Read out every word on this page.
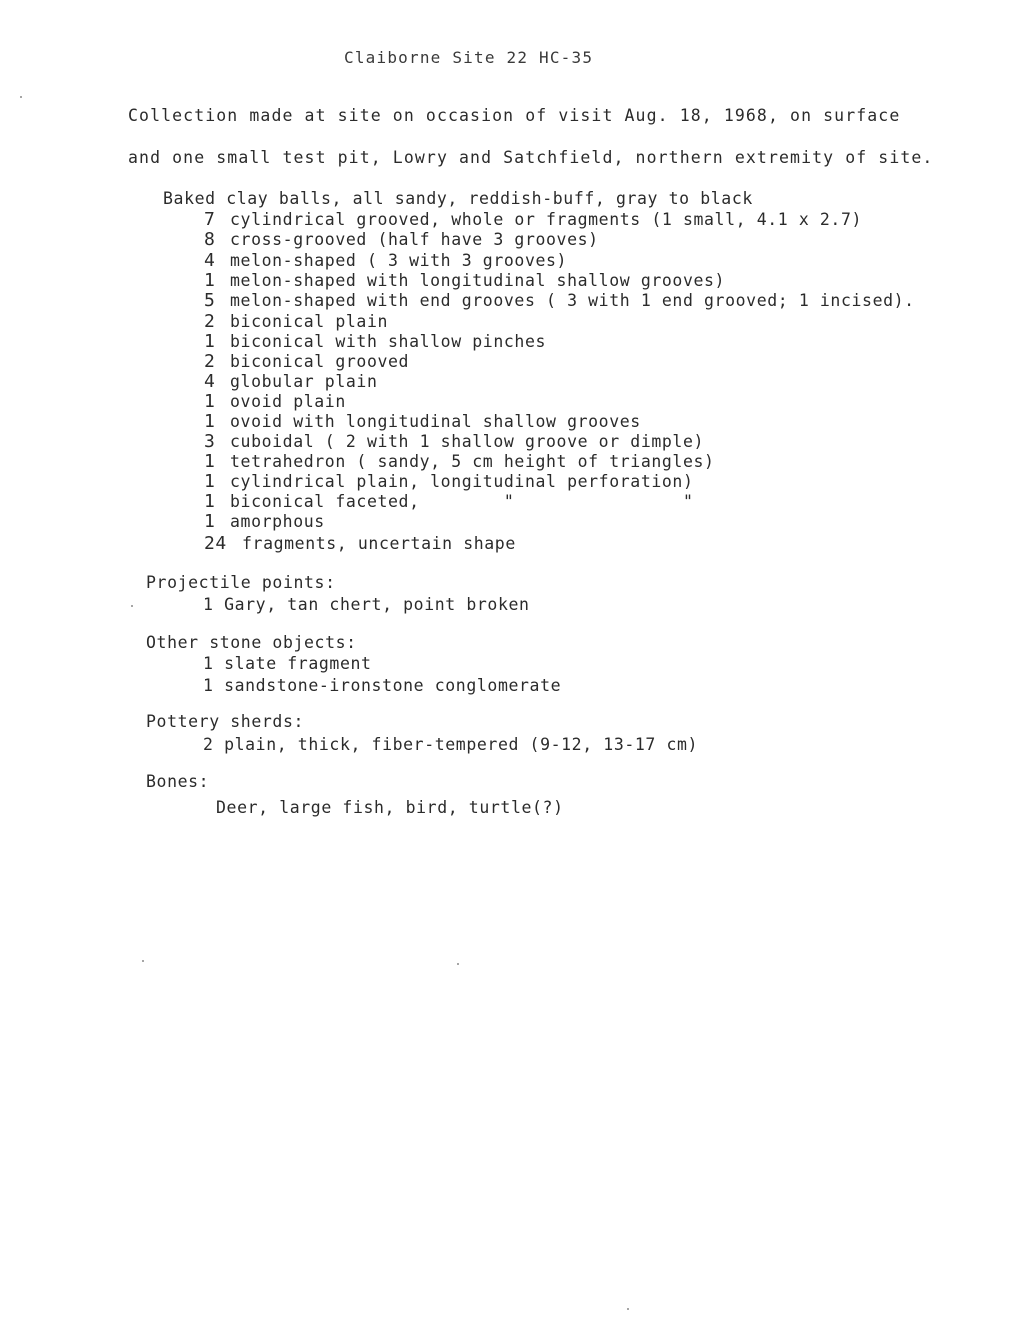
Claiborne Site 22 HC-35
Collection made at site on occasion of visit Aug. 18, 1968, on surface
and one small test pit, Lowry and Satchfield, northern extremity of site.
Baked clay balls, all sandy, reddish-buff, gray to black
7 cylindrical grooved, whole or fragments (1 small, 4.1 x 2.7)
8 cross-grooved (half have 3 grooves)
4 melon-shaped ( 3 with 3 grooves)
1 melon-shaped with longitudinal shallow grooves)
5 melon-shaped with end grooves ( 3 with 1 end grooved; 1 incised).
2 biconical plain
1 biconical with shallow pinches
2 biconical grooved
4 globular plain
1 ovoid plain
1 ovoid with longitudinal shallow grooves
3 cuboidal ( 2 with 1 shallow groove or dimple)
1 tetrahedron ( sandy, 5 cm height of triangles)
1 cylindrical plain, longitudinal perforation)
1 biconical faceted,        "                "
1 amorphous
24 fragments, uncertain shape
Projectile points:
1 Gary, tan chert, point broken
Other stone objects:
1 slate fragment
1 sandstone-ironstone conglomerate
Pottery sherds:
2 plain, thick, fiber-tempered (9-12, 13-17 cm)
Bones:
Deer, large fish, bird, turtle(?)
